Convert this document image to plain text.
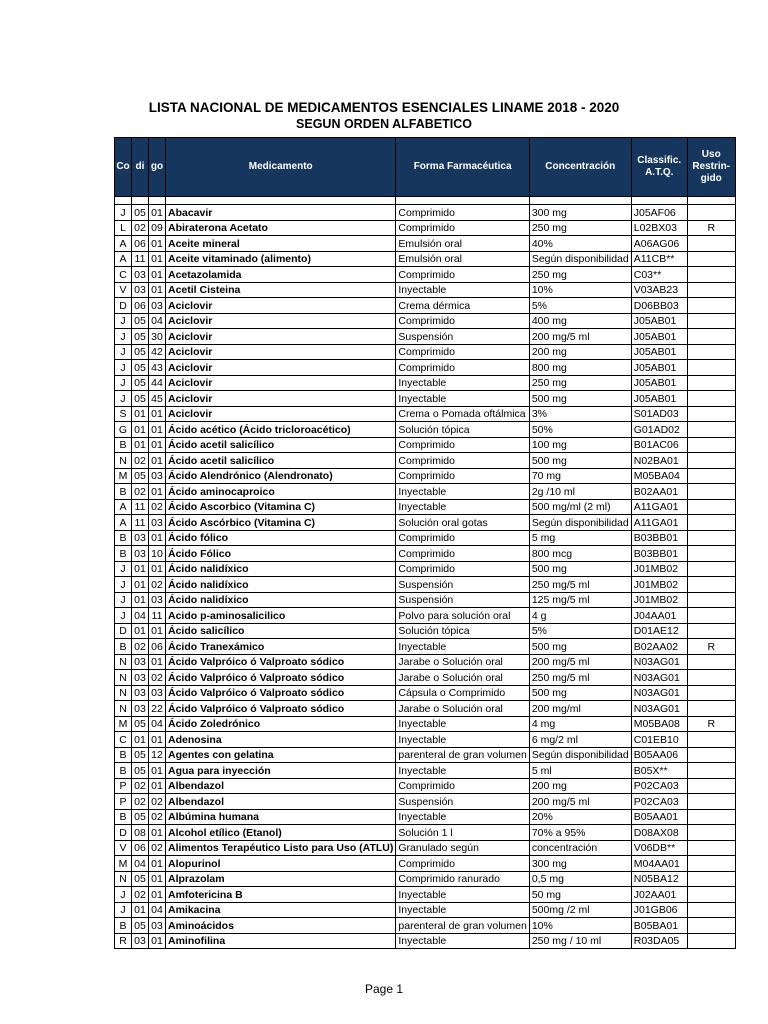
LISTA NACIONAL DE MEDICAMENTOS ESENCIALES LINAME 2018 - 2020
SEGUN ORDEN ALFABETICO
Co	di	go	Medicamento	Forma Farmacéutica	Concentración	Classific. A.T.Q.	Uso Restrin-gido

J	05	01	Abacavir	Comprimido	300 mg	J05AF06	
L	02	09	Abiraterona Acetato	Comprimido	250 mg	L02BX03	R
A	06	01	Aceite mineral	Emulsión oral	40%	A06AG06	
A	11	01	Aceite vitaminado (alimento)	Emulsión oral	Según disponibilidad	A11CB**	
C	03	01	Acetazolamida	Comprimido	250 mg	C03**	
V	03	01	Acetil Cisteina	Inyectable	10%	V03AB23	
D	06	03	Aciclovir	Crema dérmica	5%	D06BB03	
J	05	04	Aciclovir	Comprimido	400 mg	J05AB01	
J	05	30	Aciclovir	Suspensión	200 mg/5 ml	J05AB01	
J	05	42	Aciclovir	Comprimido	200 mg	J05AB01	
J	05	43	Aciclovir	Comprimido	800 mg	J05AB01	
J	05	44	Aciclovir	Inyectable	250 mg	J05AB01	
J	05	45	Aciclovir	Inyectable	500 mg	J05AB01	
S	01	01	Aciclovir	Crema o Pomada oftálmica	3%	S01AD03	
G	01	01	Ácido acético (Ácido tricloroacético)	Solución tópica	50%	G01AD02	
B	01	01	Ácido acetil salicílico	Comprimido	100 mg	B01AC06	
N	02	01	Ácido acetil salicílico	Comprimido	500 mg	N02BA01	
M	05	03	Ácido Alendrónico (Alendronato)	Comprimido	70 mg	M05BA04	
B	02	01	Ácido aminocaproico	Inyectable	2g /10 ml	B02AA01	
A	11	02	Ácido Ascorbico (Vitamina C)	Inyectable	500 mg/ml (2 ml)	A11GA01	
A	11	03	Ácido Ascórbico (Vitamina C)	Solución oral gotas	Según disponibilidad	A11GA01	
B	03	01	Ácido fólico	Comprimido	5 mg	B03BB01	
B	03	10	Ácido Fólico	Comprimido	800 mcg	B03BB01	
J	01	01	Ácido nalidíxico	Comprimido	500 mg	J01MB02	
J	01	02	Ácido nalidíxico	Suspensión	250 mg/5 ml	J01MB02	
J	01	03	Ácido nalidíxico	Suspensión	125 mg/5 ml	J01MB02	
J	04	11	Acido p-aminosalicilico	Polvo para solución oral	4 g	J04AA01	
D	01	01	Ácido salicílico	Solución tópica	5%	D01AE12	
B	02	06	Ácido Tranexámico	Inyectable	500 mg	B02AA02	R
N	03	01	Ácido Valpróico ó Valproato sódico	Jarabe o Solución oral	200 mg/5 ml	N03AG01	
N	03	02	Ácido Valpróico ó Valproato sódico	Jarabe o Solución oral	250 mg/5 ml	N03AG01	
N	03	03	Ácido Valpróico ó Valproato sódico	Cápsula o Comprimido	500 mg	N03AG01	
N	03	22	Ácido Valpróico ó Valproato sódico	Jarabe o Solución oral	200 mg/ml	N03AG01	
M	05	04	Ácido Zoledrónico	Inyectable	4 mg	M05BA08	R
C	01	01	Adenosina	Inyectable	6 mg/2 ml	C01EB10	
B	05	12	Agentes con gelatina	parenteral de gran volumen	Según disponibilidad	B05AA06	
B	05	01	Agua para inyección	Inyectable	5 ml	B05X**	
P	02	01	Albendazol	Comprimido	200 mg	P02CA03	
P	02	02	Albendazol	Suspensión	200 mg/5 ml	P02CA03	
B	05	02	Albúmina humana	Inyectable	20%	B05AA01	
D	08	01	Alcohol etílico (Etanol)	Solución 1 l	70% a 95%	D08AX08	
V	06	02	Alimentos Terapéutico Listo para Uso (ATLU)	Granulado según	concentración	V06DB**	
M	04	01	Alopurinol	Comprimido	300 mg	M04AA01	
N	05	01	Alprazolam	Comprimido ranurado	0,5 mg	N05BA12	
J	02	01	Amfotericina B	Inyectable	50 mg	J02AA01	
J	01	04	Amikacina	Inyectable	500mg /2 ml	J01GB06	
B	05	03	Aminoácidos	parenteral de gran volumen	10%	B05BA01	
R	03	01	Aminofilina	Inyectable	250 mg / 10 ml	R03DA05	
Page 1
